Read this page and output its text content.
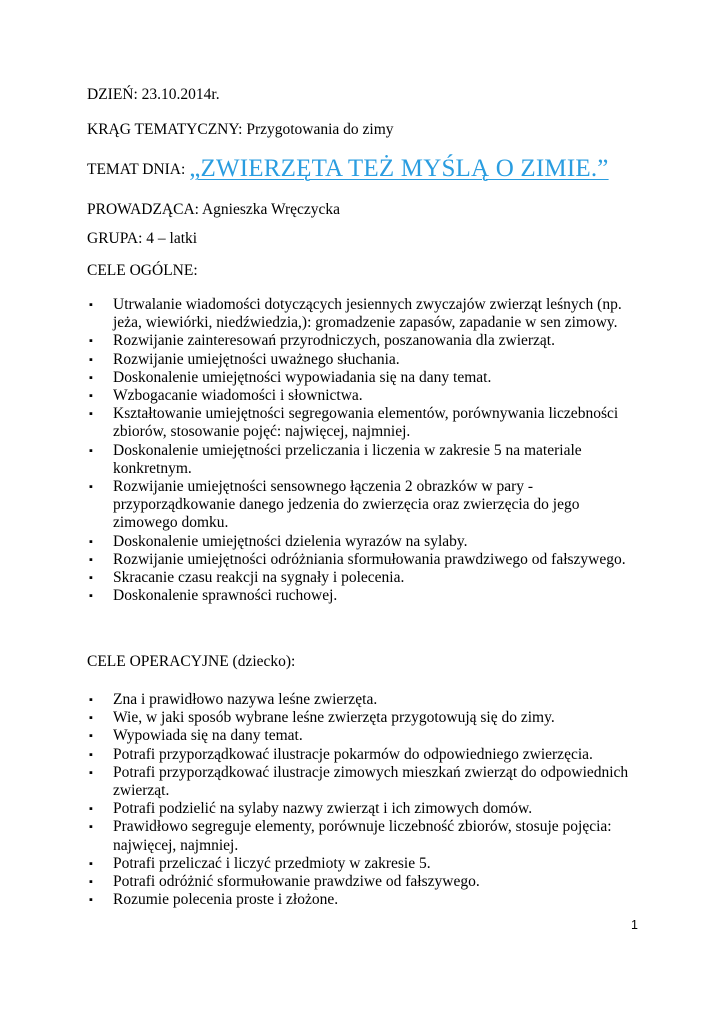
DZIEŃ: 23.10.2014r.
KRĄG TEMATYCZNY: Przygotowania do zimy
TEMAT DNIA: „ZWIERZĘTA TEŻ MYŚLĄ O ZIMIE.”
PROWADZĄCA: Agnieszka Wręczycka
GRUPA: 4 – latki
CELE OGÓLNE:
▪ Utrwalanie wiadomości dotyczących jesiennych zwyczajów zwierząt leśnych (np. jeża, wiewiórki, niedźwiedzia,): gromadzenie zapasów, zapadanie w sen zimowy.
▪ Rozwijanie zainteresowań przyrodniczych, poszanowania dla zwierząt.
▪ Rozwijanie umiejętności uważnego słuchania.
▪ Doskonalenie umiejętności wypowiadania się na dany temat.
▪ Wzbogacanie wiadomości i słownictwa.
▪ Kształtowanie umiejętności segregowania elementów, porównywania liczebności zbiorów, stosowanie pojęć: najwięcej, najmniej.
▪ Doskonalenie umiejętności przeliczania i liczenia w zakresie 5 na materiale konkretnym.
▪ Rozwijanie umiejętności sensownego łączenia 2 obrazków w pary - przyporządkowanie danego jedzenia do zwierzęcia oraz zwierzęcia do jego zimowego domku.
▪ Doskonalenie umiejętności dzielenia wyrazów na sylaby.
▪ Rozwijanie umiejętności odróżniania sformułowania prawdziwego od fałszywego.
▪ Skracanie czasu reakcji na sygnały i polecenia.
▪ Doskonalenie sprawności ruchowej.
CELE OPERACYJNE (dziecko):
▪ Zna i prawidłowo nazywa leśne zwierzęta.
▪ Wie, w jaki sposób wybrane leśne zwierzęta przygotowują się do zimy.
▪ Wypowiada się na dany temat.
▪ Potrafi przyporządkować ilustracje pokarmów do odpowiedniego zwierzęcia.
▪ Potrafi przyporządkować ilustracje zimowych mieszkań zwierząt do odpowiednich zwierząt.
▪ Potrafi podzielić na sylaby nazwy zwierząt i ich zimowych domów.
▪ Prawidłowo segreguje elementy, porównuje liczebność zbiorów, stosuje pojęcia: najwięcej, najmniej.
▪ Potrafi przeliczać i liczyć przedmioty w zakresie 5.
▪ Potrafi odróżnić sformułowanie prawdziwe od fałszywego.
▪ Rozumie polecenia proste i złożone.
1
